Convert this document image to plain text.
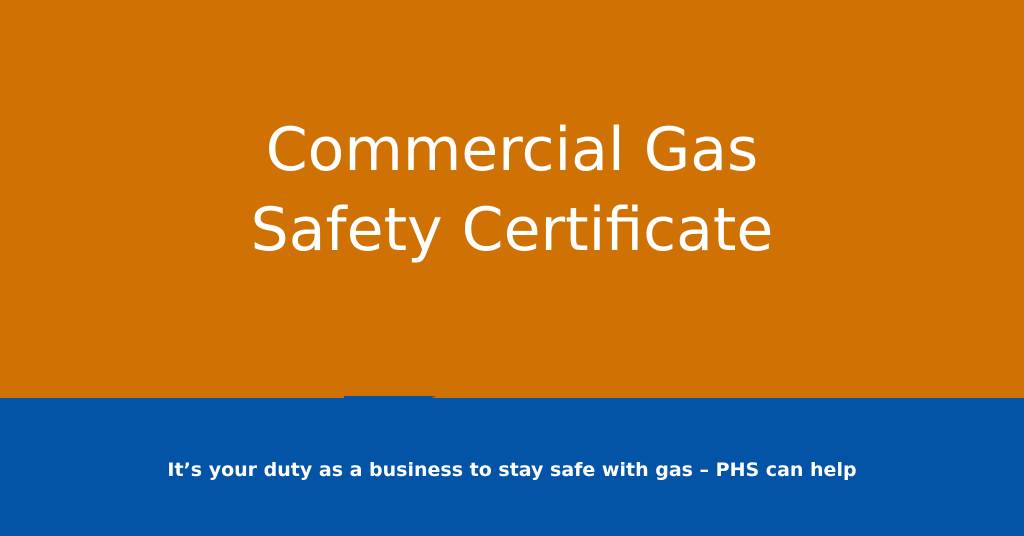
Commercial Gas
Safety Certificate

It’s your duty as a business to stay safe with gas – PHS can help
